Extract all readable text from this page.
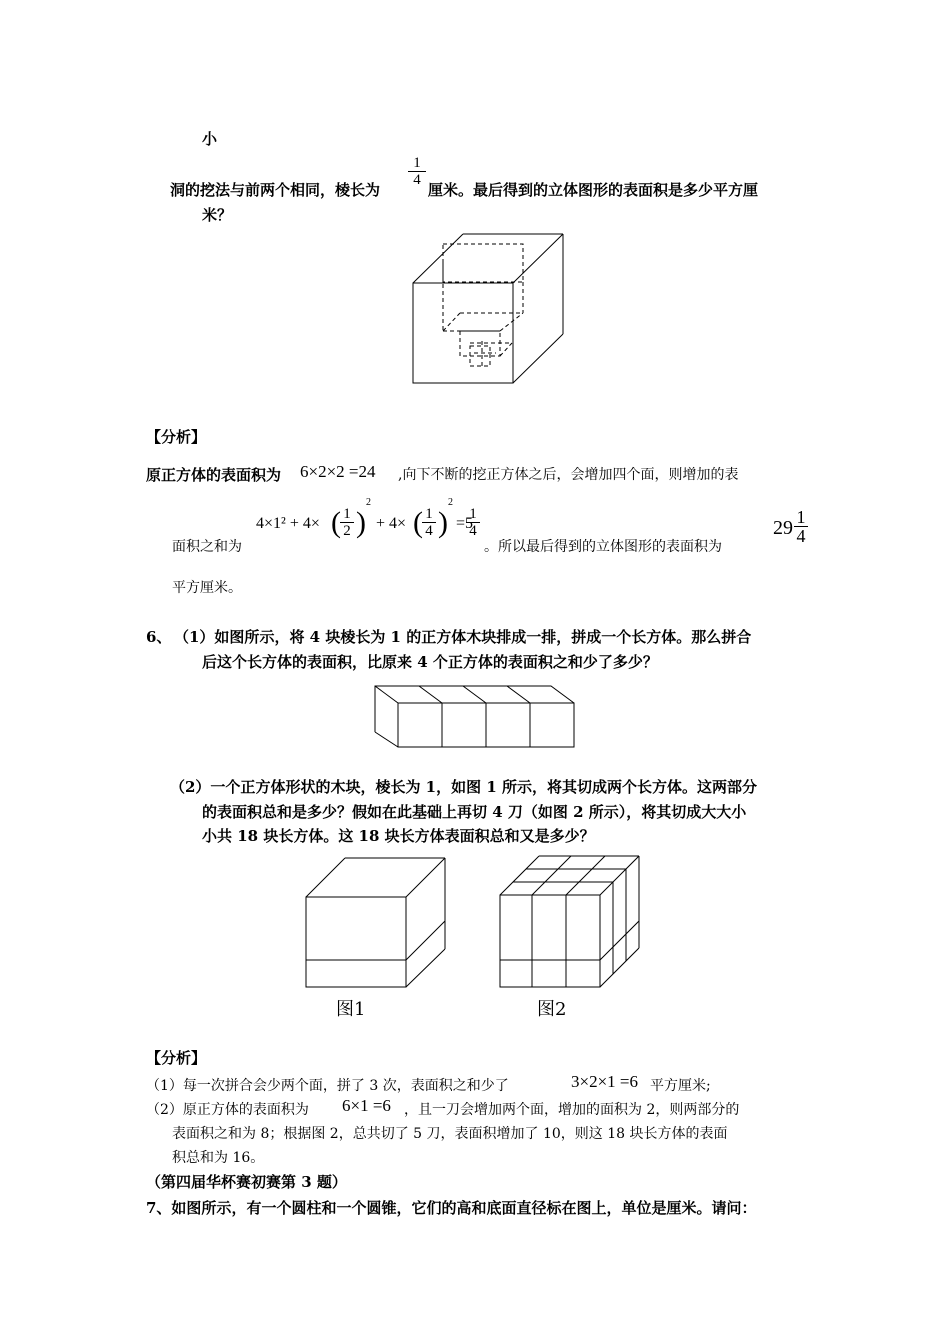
小
洞的挖法与前两个相同，棱长为
$\frac{1}{4}$
厘米。最后得到的立体图形的表面积是多少平方厘
米？
【分析】
原正方体的表面积为 6×2×2 =24 ,向下不断的挖正方体之后，会增加四个面，则增加的表
面积之和为
4×1² + 4× ( $\frac{1}{2}$ )
2
+ 4× ( $\frac{1}{4}$ )
2
=5
$\frac{1}{4}$
。所以最后得到的立体图形的表面积为
$29 \frac{1}{4}$
平方厘米。
6、 （1）如图所示，将 4 块棱长为 1 的正方体木块排成一排，拼成一个长方体。那么拼合
后这个长方体的表面积，比原来 4 个正方体的表面积之和少了多少？
（2）一个正方体形状的木块，棱长为 1，如图 1 所示，将其切成两个长方体。这两部分
的表面积总和是多少？假如在此基础上再切 4 刀（如图 2 所示），将其切成大大小
小共 18 块长方体。这 18 块长方体表面积总和又是多少？
图1	图2
【分析】
（1）每一次拼合会少两个面，拼了 3 次，表面积之和少了	3×2×1 =6 平方厘米;
（2）原正方体的表面积为 6×1 =6 ，且一刀会增加两个面，增加的面积为 2，则两部分的
表面积之和为 8；根据图 2，总共切了 5 刀，表面积增加了 10，则这 18 块长方体的表面
积总和为 16。
（第四届华杯赛初赛第 3 题）
7、如图所示，有一个圆柱和一个圆锥，它们的高和底面直径标在图上，单位是厘米。请问：
